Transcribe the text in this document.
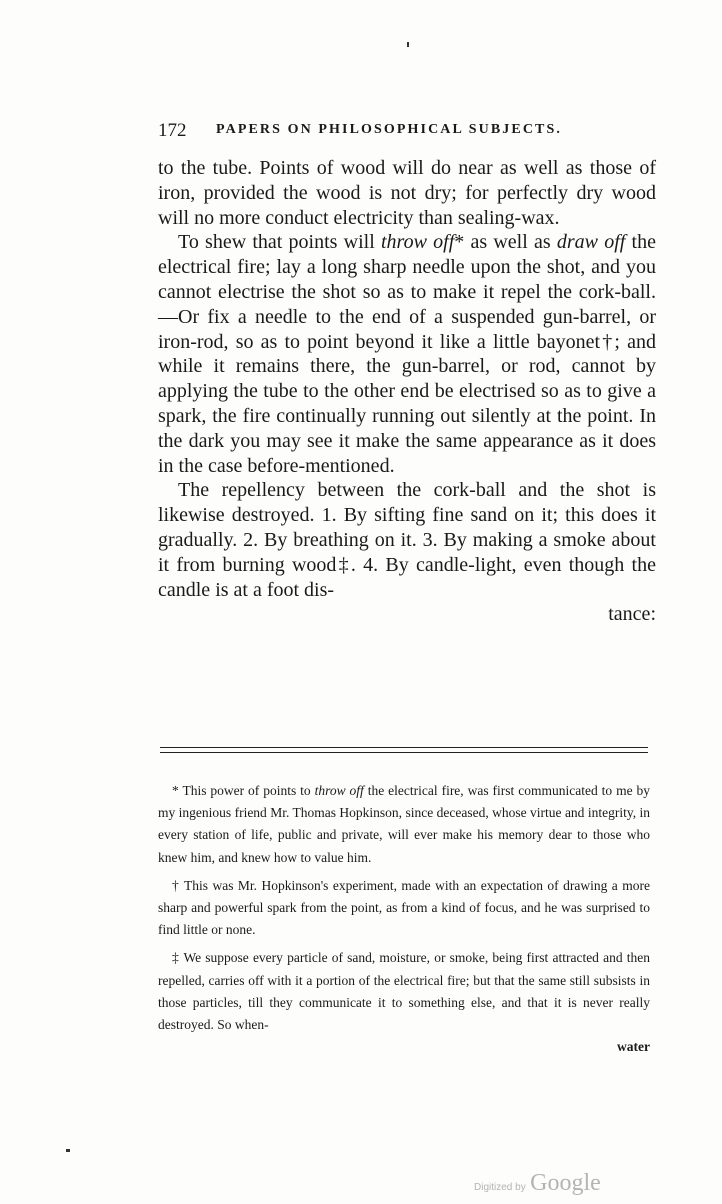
172 PAPERS ON PHILOSOPHICAL SUBJECTS.

to the tube. Points of wood will do near as well as those of iron, provided the wood is not dry; for perfectly dry wood will no more conduct electricity than sealing-wax.

To shew that points will throw off* as well as draw off the electrical fire; lay a long sharp needle upon the shot, and you cannot electrise the shot so as to make it repel the cork-ball.—Or fix a needle to the end of a suspended gun-barrel, or iron-rod, so as to point beyond it like a little bayonet†; and while it remains there, the gun-barrel, or rod, cannot by applying the tube to the other end be electrised so as to give a spark, the fire continually running out silently at the point. In the dark you may see it make the same appearance as it does in the case before-mentioned.

The repellency between the cork-ball and the shot is likewise destroyed. 1. By sifting fine sand on it; this does it gradually. 2. By breathing on it. 3. By making a smoke about it from burning wood‡. 4. By candle-light, even though the candle is at a foot dis-
tance:

* This power of points to throw off the electrical fire, was first communicated to me by my ingenious friend Mr. Thomas Hopkinson, since deceased, whose virtue and integrity, in every station of life, public and private, will ever make his memory dear to those who knew him, and knew how to value him.

† This was Mr. Hopkinson's experiment, made with an expectation of drawing a more sharp and powerful spark from the point, as from a kind of focus, and he was surprised to find little or none.

‡ We suppose every particle of sand, moisture, or smoke, being first attracted and then repelled, carries off with it a portion of the electrical fire; but that the same still subsists in those particles, till they communicate it to something else, and that it is never really destroyed. So when-
water

Digitized by Google
